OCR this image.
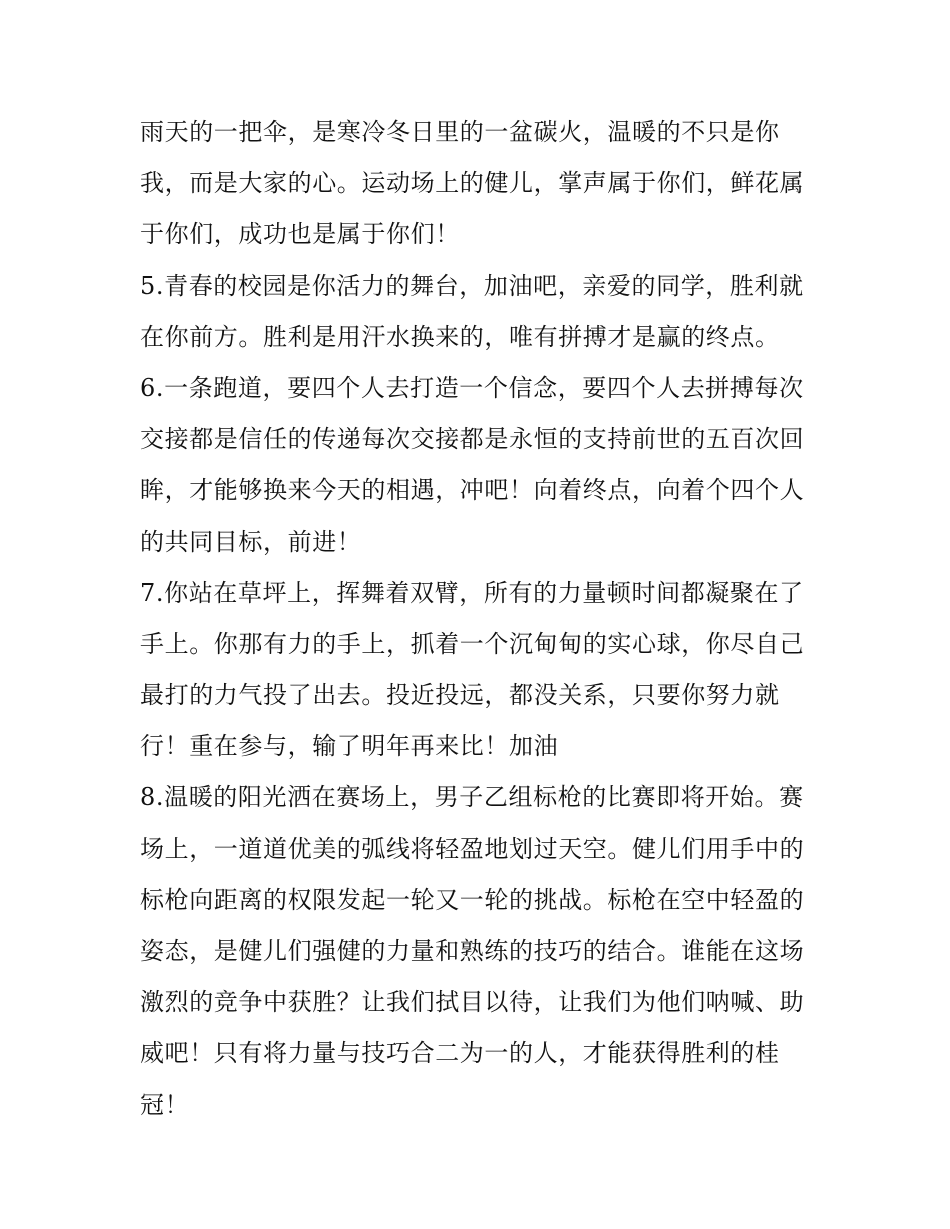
雨天的一把伞，是寒冷冬日里的一盆碳火，温暖的不只是你
我，而是大家的心。运动场上的健儿，掌声属于你们，鲜花属
于你们，成功也是属于你们！
5.青春的校园是你活力的舞台，加油吧，亲爱的同学，胜利就
在你前方。胜利是用汗水换来的，唯有拼搏才是赢的终点。
6.一条跑道，要四个人去打造一个信念，要四个人去拼搏每次
交接都是信任的传递每次交接都是永恒的支持前世的五百次回
眸，才能够换来今天的相遇，冲吧！向着终点，向着个四个人
的共同目标，前进！
7.你站在草坪上，挥舞着双臂，所有的力量顿时间都凝聚在了
手上。你那有力的手上，抓着一个沉甸甸的实心球，你尽自己
最打的力气投了出去。投近投远，都没关系，只要你努力就
行！重在参与，输了明年再来比！加油
8.温暖的阳光洒在赛场上，男子乙组标枪的比赛即将开始。赛
场上，一道道优美的弧线将轻盈地划过天空。健儿们用手中的
标枪向距离的权限发起一轮又一轮的挑战。标枪在空中轻盈的
姿态，是健儿们强健的力量和熟练的技巧的结合。谁能在这场
激烈的竞争中获胜？让我们拭目以待，让我们为他们呐喊、助
威吧！只有将力量与技巧合二为一的人，才能获得胜利的桂
冠！
